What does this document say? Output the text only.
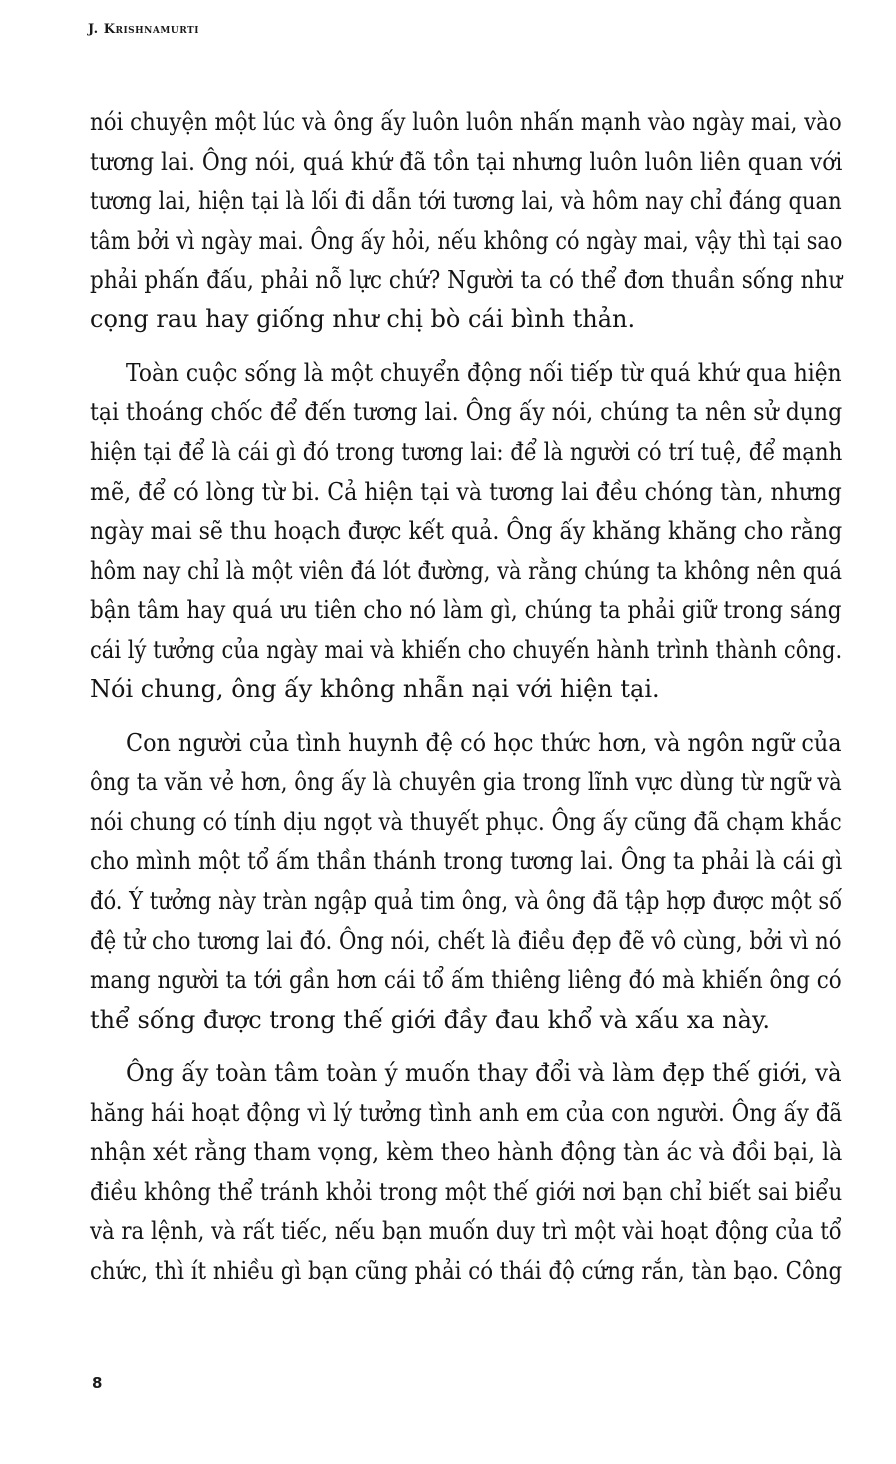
J. Krishnamurti
nói chuyện một lúc và ông ấy luôn luôn nhấn mạnh vào ngày mai, vào
tương lai. Ông nói, quá khứ đã tồn tại nhưng luôn luôn liên quan với
tương lai, hiện tại là lối đi dẫn tới tương lai, và hôm nay chỉ đáng quan
tâm bởi vì ngày mai. Ông ấy hỏi, nếu không có ngày mai, vậy thì tại sao
phải phấn đấu, phải nỗ lực chứ? Người ta có thể đơn thuần sống như
cọng rau hay giống như chị bò cái bình thản.
Toàn cuộc sống là một chuyển động nối tiếp từ quá khứ qua hiện
tại thoáng chốc để đến tương lai. Ông ấy nói, chúng ta nên sử dụng
hiện tại để là cái gì đó trong tương lai: để là người có trí tuệ, để mạnh
mẽ, để có lòng từ bi. Cả hiện tại và tương lai đều chóng tàn, nhưng
ngày mai sẽ thu hoạch được kết quả. Ông ấy khăng khăng cho rằng
hôm nay chỉ là một viên đá lót đường, và rằng chúng ta không nên quá
bận tâm hay quá ưu tiên cho nó làm gì, chúng ta phải giữ trong sáng
cái lý tưởng của ngày mai và khiến cho chuyến hành trình thành công.
Nói chung, ông ấy không nhẫn nại với hiện tại.
Con người của tình huynh đệ có học thức hơn, và ngôn ngữ của
ông ta văn vẻ hơn, ông ấy là chuyên gia trong lĩnh vực dùng từ ngữ và
nói chung có tính dịu ngọt và thuyết phục. Ông ấy cũng đã chạm khắc
cho mình một tổ ấm thần thánh trong tương lai. Ông ta phải là cái gì
đó. Ý tưởng này tràn ngập quả tim ông, và ông đã tập hợp được một số
đệ tử cho tương lai đó. Ông nói, chết là điều đẹp đẽ vô cùng, bởi vì nó
mang người ta tới gần hơn cái tổ ấm thiêng liêng đó mà khiến ông có
thể sống được trong thế giới đầy đau khổ và xấu xa này.
Ông ấy toàn tâm toàn ý muốn thay đổi và làm đẹp thế giới, và
hăng hái hoạt động vì lý tưởng tình anh em của con người. Ông ấy đã
nhận xét rằng tham vọng, kèm theo hành động tàn ác và đồi bại, là
điều không thể tránh khỏi trong một thế giới nơi bạn chỉ biết sai biểu
và ra lệnh, và rất tiếc, nếu bạn muốn duy trì một vài hoạt động của tổ
chức, thì ít nhiều gì bạn cũng phải có thái độ cứng rắn, tàn bạo. Công
8
